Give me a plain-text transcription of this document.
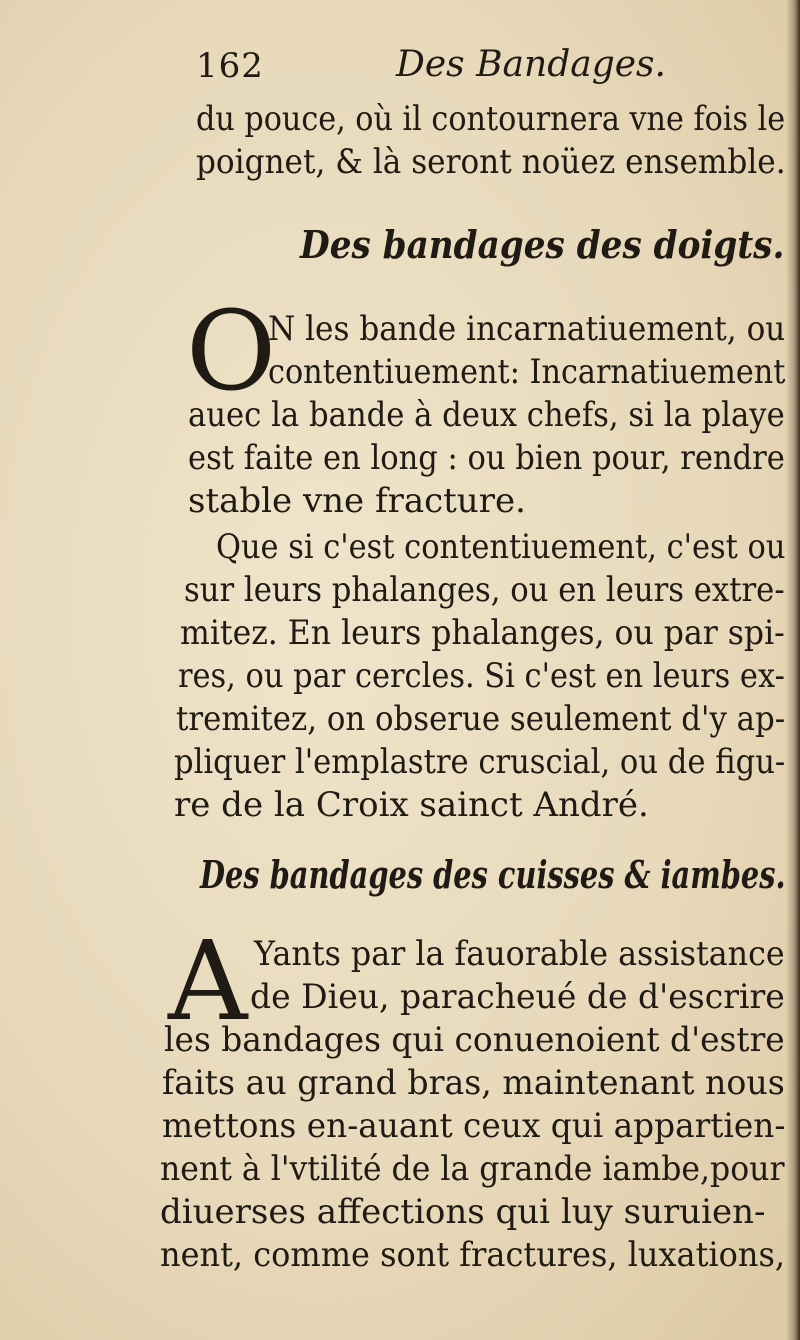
162	Des Bandages.
du pouce, où il contournera vne fois le
poignet, & là seront noüez ensemble.
Des bandages des doigts.
O
N les bande incarnatiuement, ou
contentiuement: Incarnatiuement
auec la bande à deux chefs, si la playe
est faite en long : ou bien pour, rendre
stable vne fracture.
Que si c'est contentiuement, c'est ou
sur leurs phalanges, ou en leurs extre-
mitez. En leurs phalanges, ou par spi-
res, ou par cercles. Si c'est en leurs ex-
tremitez, on obserue seulement d'y ap-
pliquer l'emplastre cruscial, ou de figu-
re de la Croix sainct André.
Des bandages des cuisses & iambes.
A Yants par la fauorable assistance
de Dieu, paracheué de d'escrire
les bandages qui conuenoient d'estre
faits au grand bras, maintenant nous
mettons en-auant ceux qui appartien-
nent à l'vtilité de la grande iambe,pour
diuerses affections qui luy suruien-
nent, comme sont fractures, luxations,
